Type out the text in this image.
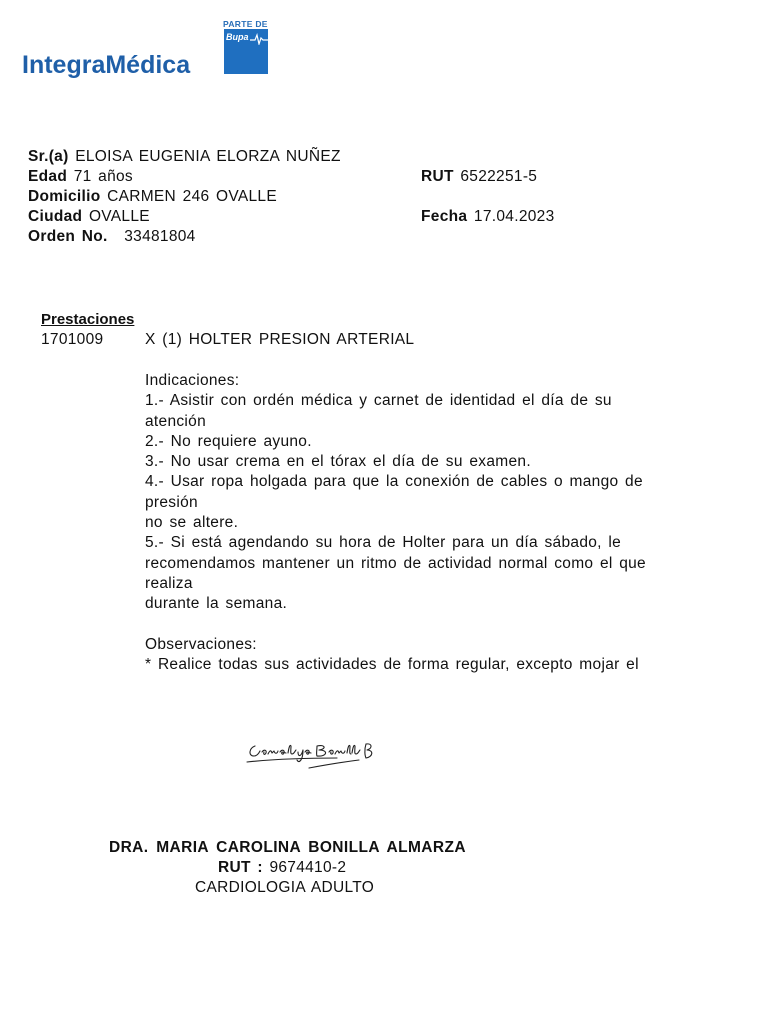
IntegraMédica
PARTE DE
Bupa
Sr.(a) ELOISA EUGENIA ELORZA NUÑEZ
Edad 71 años	RUT 6522251-5
Domicilio CARMEN 246 OVALLE
Ciudad OVALLE	Fecha 17.04.2023
Orden No. 33481804
Prestaciones
1701009	X (1) HOLTER PRESION ARTERIAL
Indicaciones:
1.- Asistir con ordén médica y carnet de identidad el día de su
atención
2.- No requiere ayuno.
3.- No usar crema en el tórax el día de su examen.
4.- Usar ropa holgada para que la conexión de cables o mango de
presión
no se altere.
5.- Si está agendando su hora de Holter para un día sábado, le
recomendamos mantener un ritmo de actividad normal como el que
realiza
durante la semana.
Observaciones:
* Realice todas sus actividades de forma regular, excepto mojar el
DRA. MARIA CAROLINA BONILLA ALMARZA
RUT : 9674410-2
CARDIOLOGIA ADULTO
